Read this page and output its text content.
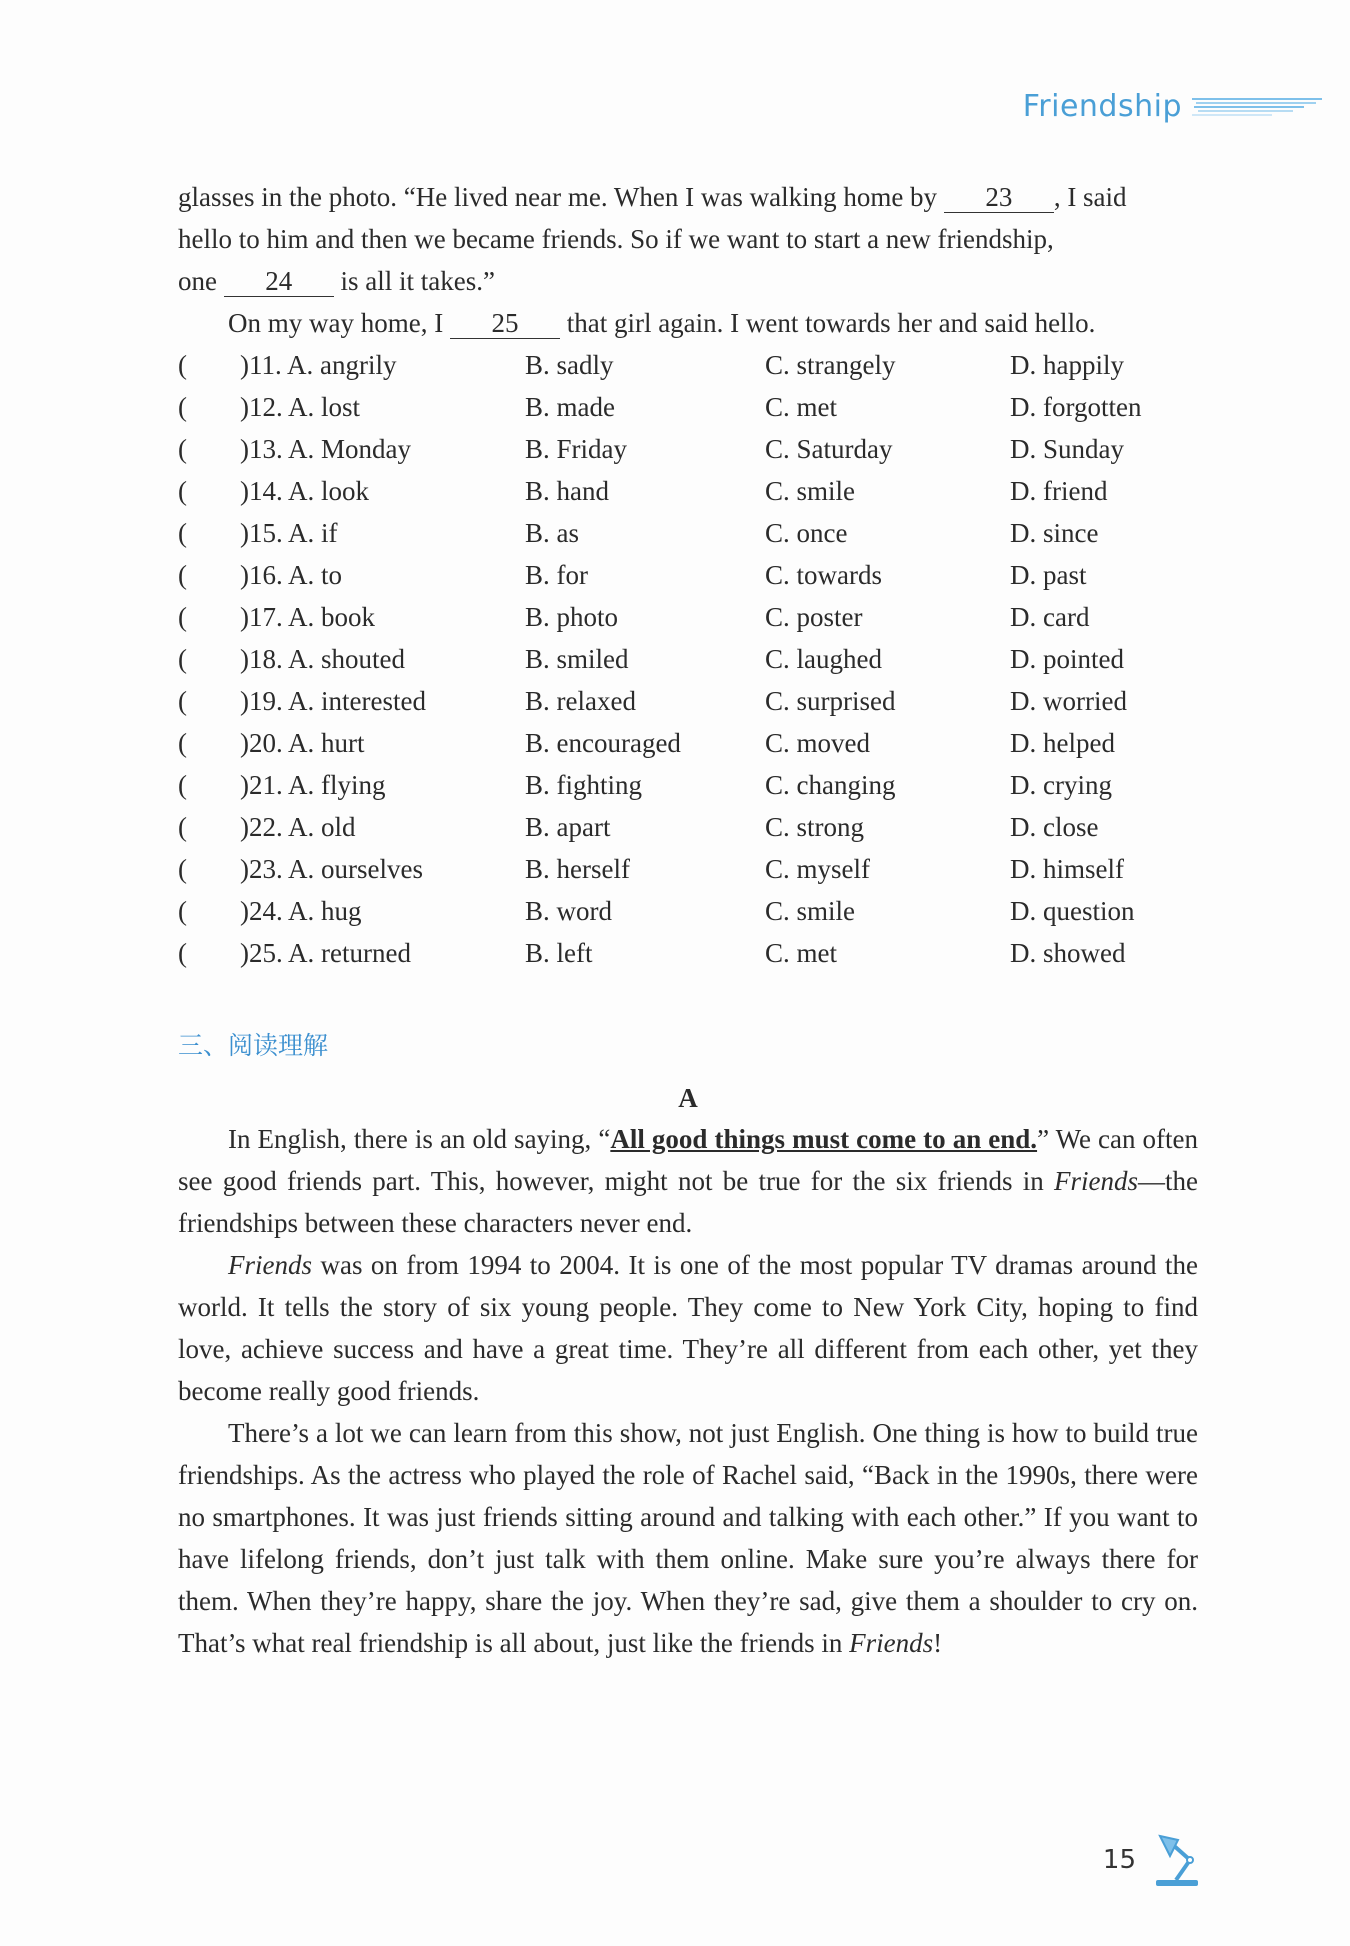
Friendship
glasses in the photo. “He lived near me. When I was walking home by 23 , I said
hello to him and then we became friends. So if we want to start a new friendship,
one 24 is all it takes.”
On my way home, I 25 that girl again. I went towards her and said hello.
(	)11. A. angrily	B. sadly	C. strangely	D. happily
(	)12. A. lost	B. made	C. met	D. forgotten
(	)13. A. Monday	B. Friday	C. Saturday	D. Sunday
(	)14. A. look	B. hand	C. smile	D. friend
(	)15. A. if	B. as	C. once	D. since
(	)16. A. to	B. for	C. towards	D. past
(	)17. A. book	B. photo	C. poster	D. card
(	)18. A. shouted	B. smiled	C. laughed	D. pointed
(	)19. A. interested	B. relaxed	C. surprised	D. worried
(	)20. A. hurt	B. encouraged	C. moved	D. helped
(	)21. A. flying	B. fighting	C. changing	D. crying
(	)22. A. old	B. apart	C. strong	D. close
(	)23. A. ourselves	B. herself	C. myself	D. himself
(	)24. A. hug	B. word	C. smile	D. question
(	)25. A. returned	B. left	C. met	D. showed
三、阅读理解
A
In English, there is an old saying, “All good things must come to an end.” We can often see good friends part. This, however, might not be true for the six friends in Friends—the friendships between these characters never end.
Friends was on from 1994 to 2004. It is one of the most popular TV dramas around the world. It tells the story of six young people. They come to New York City, hoping to find love, achieve success and have a great time. They’re all different from each other, yet they become really good friends.
There’s a lot we can learn from this show, not just English. One thing is how to build true friendships. As the actress who played the role of Rachel said, “Back in the 1990s, there were no smartphones. It was just friends sitting around and talking with each other.” If you want to have lifelong friends, don’t just talk with them online. Make sure you’re always there for them. When they’re happy, share the joy. When they’re sad, give them a shoulder to cry on. That’s what real friendship is all about, just like the friends in Friends!
15
